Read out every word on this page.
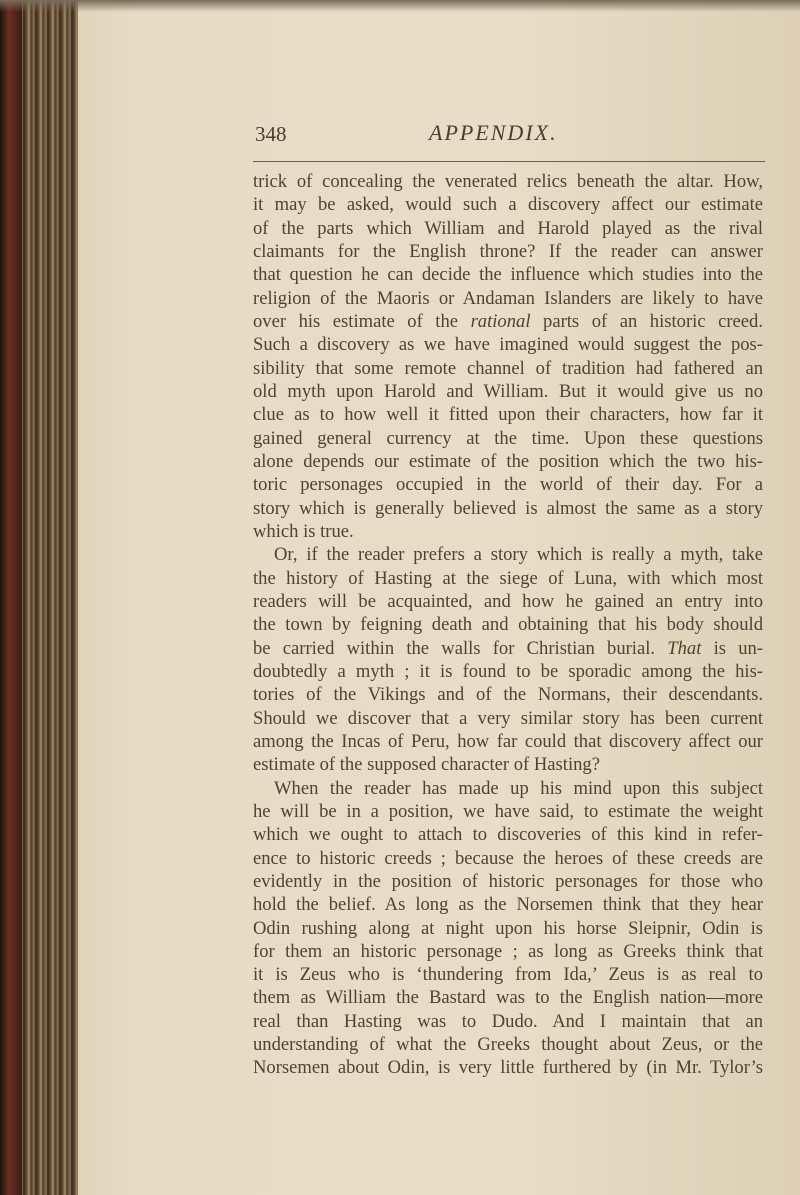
348	APPENDIX.

trick of concealing the venerated relics beneath the altar. How,

it may be asked, would such a discovery affect our estimate

of the parts which William and Harold played as the rival

claimants for the English throne? If the reader can answer

that question he can decide the influence which studies into the

religion of the Maoris or Andaman Islanders are likely to have

over his estimate of the rational parts of an historic creed.

Such a discovery as we have imagined would suggest the pos-

sibility that some remote channel of tradition had fathered an

old myth upon Harold and William. But it would give us no

clue as to how well it fitted upon their characters, how far it

gained general currency at the time. Upon these questions

alone depends our estimate of the position which the two his-

toric personages occupied in the world of their day. For a

story which is generally believed is almost the same as a story

which is true.

Or, if the reader prefers a story which is really a myth, take

the history of Hasting at the siege of Luna, with which most

readers will be acquainted, and how he gained an entry into

the town by feigning death and obtaining that his body should

be carried within the walls for Christian burial. That is un-

doubtedly a myth ; it is found to be sporadic among the his-

tories of the Vikings and of the Normans, their descendants.

Should we discover that a very similar story has been current

among the Incas of Peru, how far could that discovery affect our

estimate of the supposed character of Hasting?

When the reader has made up his mind upon this subject

he will be in a position, we have said, to estimate the weight

which we ought to attach to discoveries of this kind in refer-

ence to historic creeds ; because the heroes of these creeds are

evidently in the position of historic personages for those who

hold the belief. As long as the Norsemen think that they hear

Odin rushing along at night upon his horse Sleipnir, Odin is

for them an historic personage ; as long as Greeks think that

it is Zeus who is ‘thundering from Ida,’ Zeus is as real to

them as William the Bastard was to the English nation—more

real than Hasting was to Dudo. And I maintain that an

understanding of what the Greeks thought about Zeus, or the

Norsemen about Odin, is very little furthered by (in Mr. Tylor’s
